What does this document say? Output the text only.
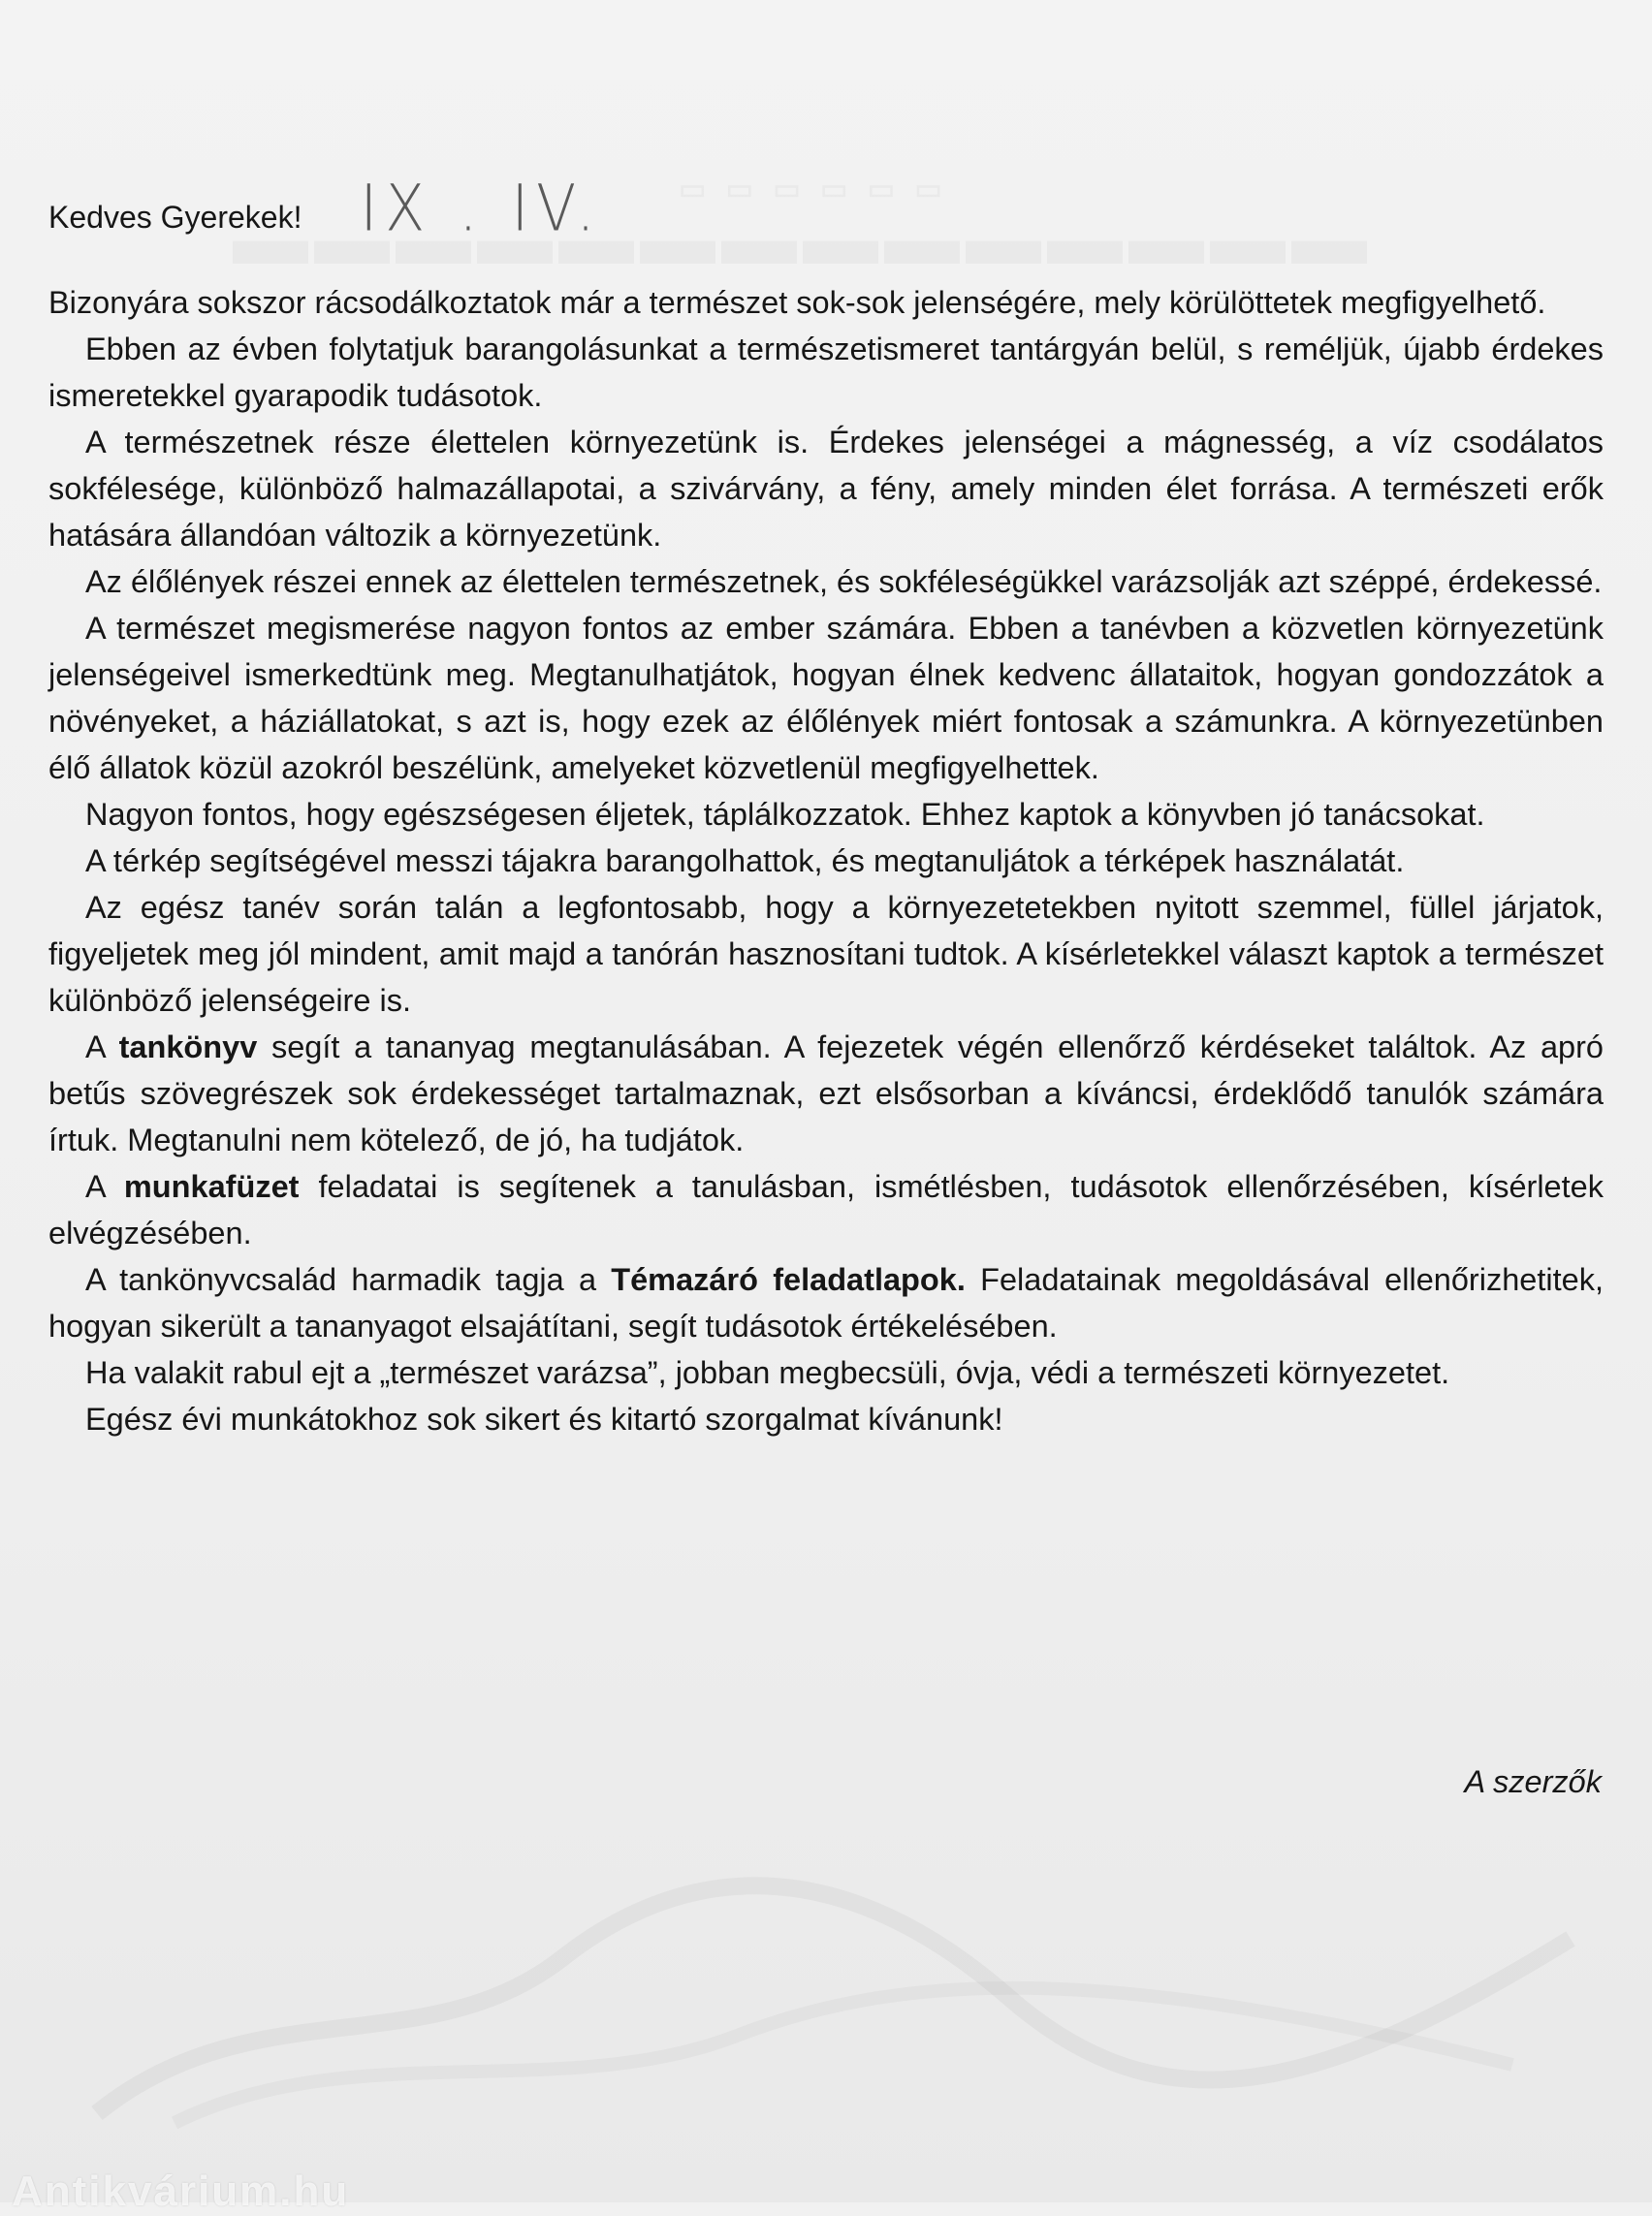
Kedves Gyerekek! IX . IV.

Bizonyára sokszor rácsodálkoztatok már a természet sok-sok jelenségére, mely körülöttetek megfigyelhető.

Ebben az évben folytatjuk barangolásunkat a természetismeret tantárgyán belül, s reméljük, újabb érdekes ismeretekkel gyarapodik tudásotok.

A természetnek része élettelen környezetünk is. Érdekes jelenségei a mágnesség, a víz csodálatos sokfélesége, különböző halmazállapotai, a szivárvány, a fény, amely minden élet forrása. A természeti erők hatására állandóan változik a környezetünk.

Az élőlények részei ennek az élettelen természetnek, és sokféleségükkel varázsolják azt széppé, érdekessé.

A természet megismerése nagyon fontos az ember számára. Ebben a tanévben a közvetlen környezetünk jelenségeivel ismerkedtünk meg. Megtanulhatjátok, hogyan élnek kedvenc állataitok, hogyan gondozzátok a növényeket, a háziállatokat, s azt is, hogy ezek az élőlények miért fontosak a számunkra. A környezetünben élő állatok közül azokról beszélünk, amelyeket közvetlenül megfigyelhettek.

Nagyon fontos, hogy egészségesen éljetek, táplálkozzatok. Ehhez kaptok a könyvben jó tanácsokat.

A térkép segítségével messzi tájakra barangolhattok, és megtanuljátok a térképek használatát.

Az egész tanév során talán a legfontosabb, hogy a környezetetekben nyitott szemmel, füllel járjatok, figyeljetek meg jól mindent, amit majd a tanórán hasznosítani tudtok. A kísérletekkel választ kaptok a természet különböző jelenségeire is.

A tankönyv segít a tananyag megtanulásában. A fejezetek végén ellenőrző kérdéseket találtok. Az apró betűs szövegrészek sok érdekességet tartalmaznak, ezt elsősorban a kíváncsi, érdeklődő tanulók számára írtuk. Megtanulni nem kötelező, de jó, ha tudjátok.

A munkafüzet feladatai is segítenek a tanulásban, ismétlésben, tudásotok ellenőrzésében, kísérletek elvégzésében.

A tankönyvcsalád harmadik tagja a Témazáró feladatlapok. Feladatainak megoldásával ellenőrizhetitek, hogyan sikerült a tananyagot elsajátítani, segít tudásotok értékelésében.

Ha valakit rabul ejt a „természet varázsa”, jobban megbecsüli, óvja, védi a természeti környezetet.

Egész évi munkátokhoz sok sikert és kitartó szorgalmat kívánunk!

A szerzők
Antikvárium.hu
